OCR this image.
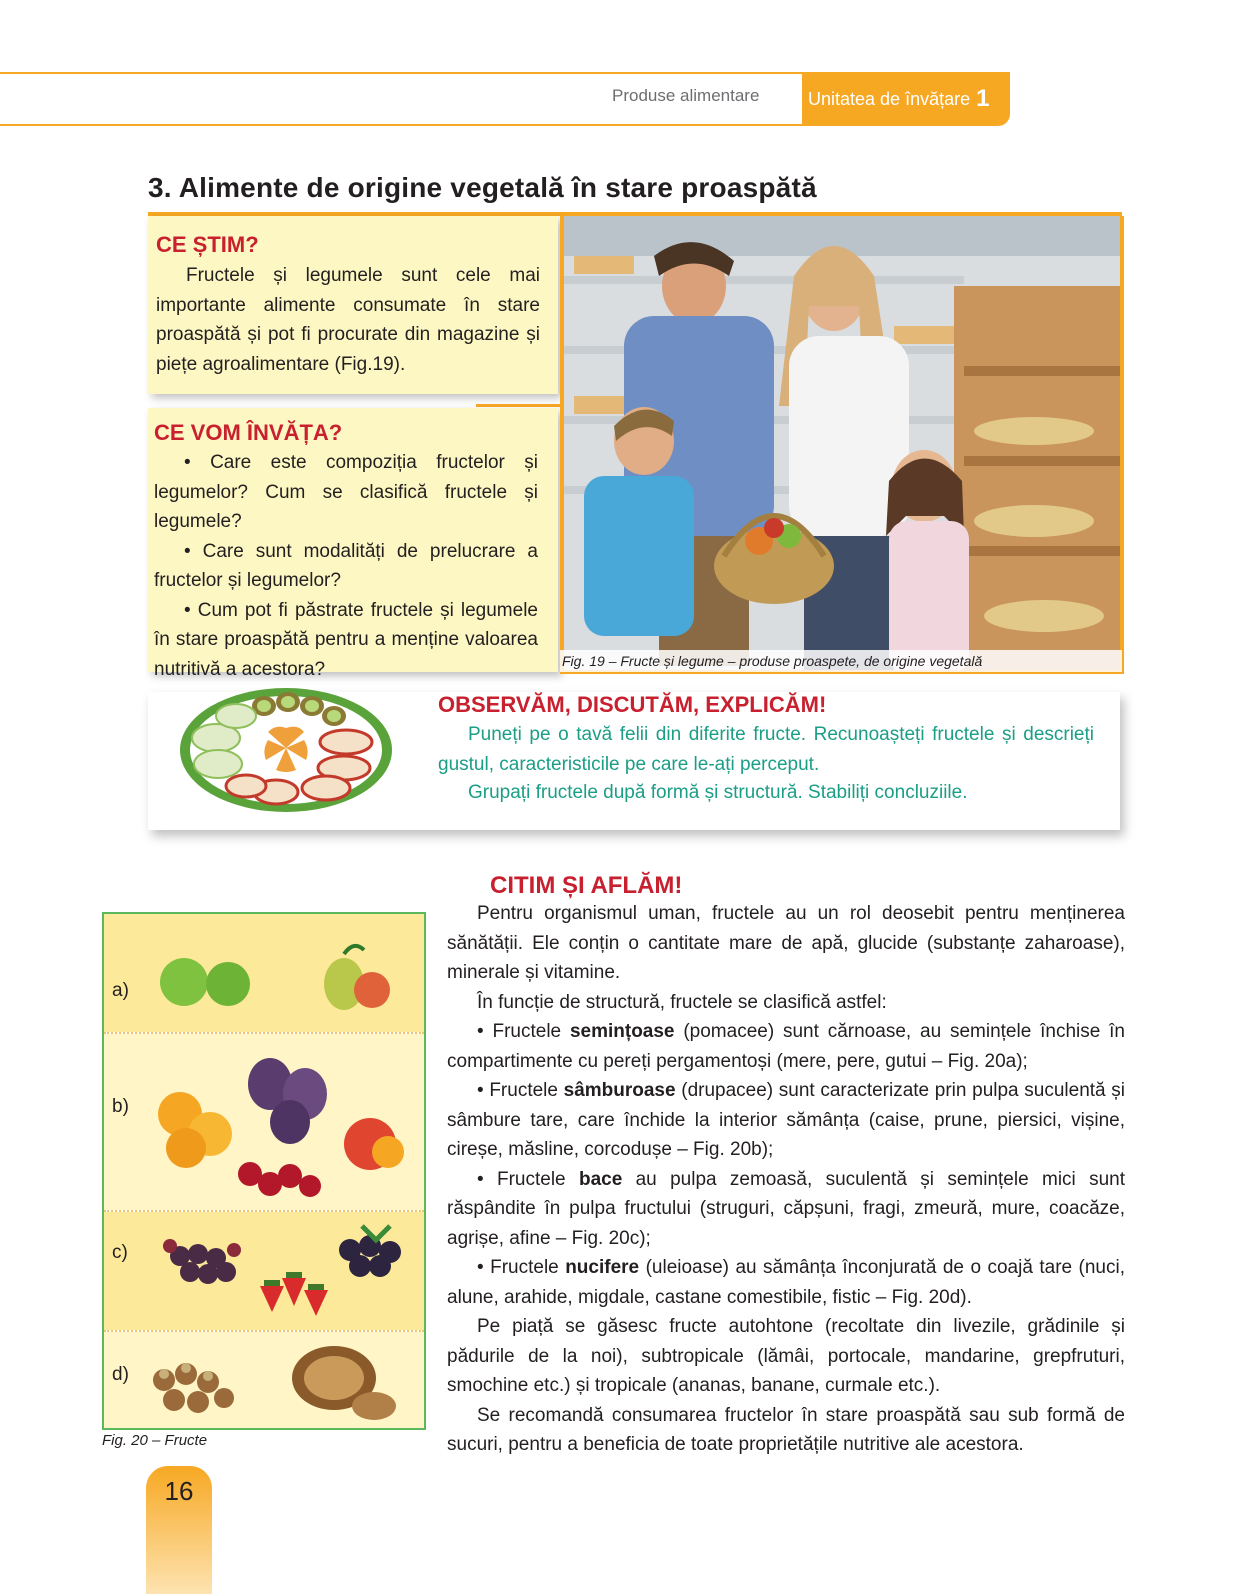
Produse alimentare	Unitatea de învățare 1
3. Alimente de origine vegetală în stare proaspătă
CE ȘTIM?
Fructele și legumele sunt cele mai importante alimente consumate în stare proaspătă și pot fi procurate din magazine și piețe agroalimentare (Fig.19).
CE VOM ÎNVĂȚA?
• Care este compoziția fructelor și legumelor? Cum se clasifică fructele și legumele?
• Care sunt modalități de prelucrare a fructelor și legumelor?
• Cum pot fi păstrate fructele și legumele în stare proaspătă pentru a menține valoarea nutritivă a acestora?	Fig. 19 – Fructe și legume – produse proaspete, de origine vegetală
OBSERVĂM, DISCUTĂM, EXPLICĂM!
Puneți pe o tavă felii din diferite fructe. Recunoașteți fructele și descrieți gustul, caracteristicile pe care le-ați perceput.
Grupați fructele după formă și structură. Stabiliți concluziile.
a)
b)
c)
d)
Fig. 20 – Fructe
CITIM ȘI AFLĂM!
Pentru organismul uman, fructele au un rol deosebit pentru menținerea sănătății. Ele conțin o cantitate mare de apă, glucide (substanțe zaharoase), minerale și vitamine.
În funcție de structură, fructele se clasifică astfel:
• Fructele semințoase (pomacee) sunt cărnoase, au semințele închise în compartimente cu pereți pergamentoși (mere, pere, gutui – Fig. 20a);
• Fructele sâmburoase (drupacee) sunt caracterizate prin pulpa suculentă și sâmbure tare, care închide la interior sămânța (caise, prune, piersici, vișine, cireșe, măsline, corcodușe – Fig. 20b);
• Fructele bace au pulpa zemoasă, suculentă și semințele mici sunt răspândite în pulpa fructului (struguri, căpșuni, fragi, zmeură, mure, coacăze, agrișe, afine – Fig. 20c);
• Fructele nucifere (uleioase) au sămânța înconjurată de o coajă tare (nuci, alune, arahide, migdale, castane comestibile, fistic – Fig. 20d).
Pe piață se găsesc fructe autohtone (recoltate din livezile, grădinile și pădurile de la noi), subtropicale (lămâi, portocale, mandarine, grepfruturi, smochine etc.) și tropicale (ananas, banane, curmale etc.).
Se recomandă consumarea fructelor în stare proaspătă sau sub formă de sucuri, pentru a beneficia de toate proprietățile nutritive ale acestora.
16
